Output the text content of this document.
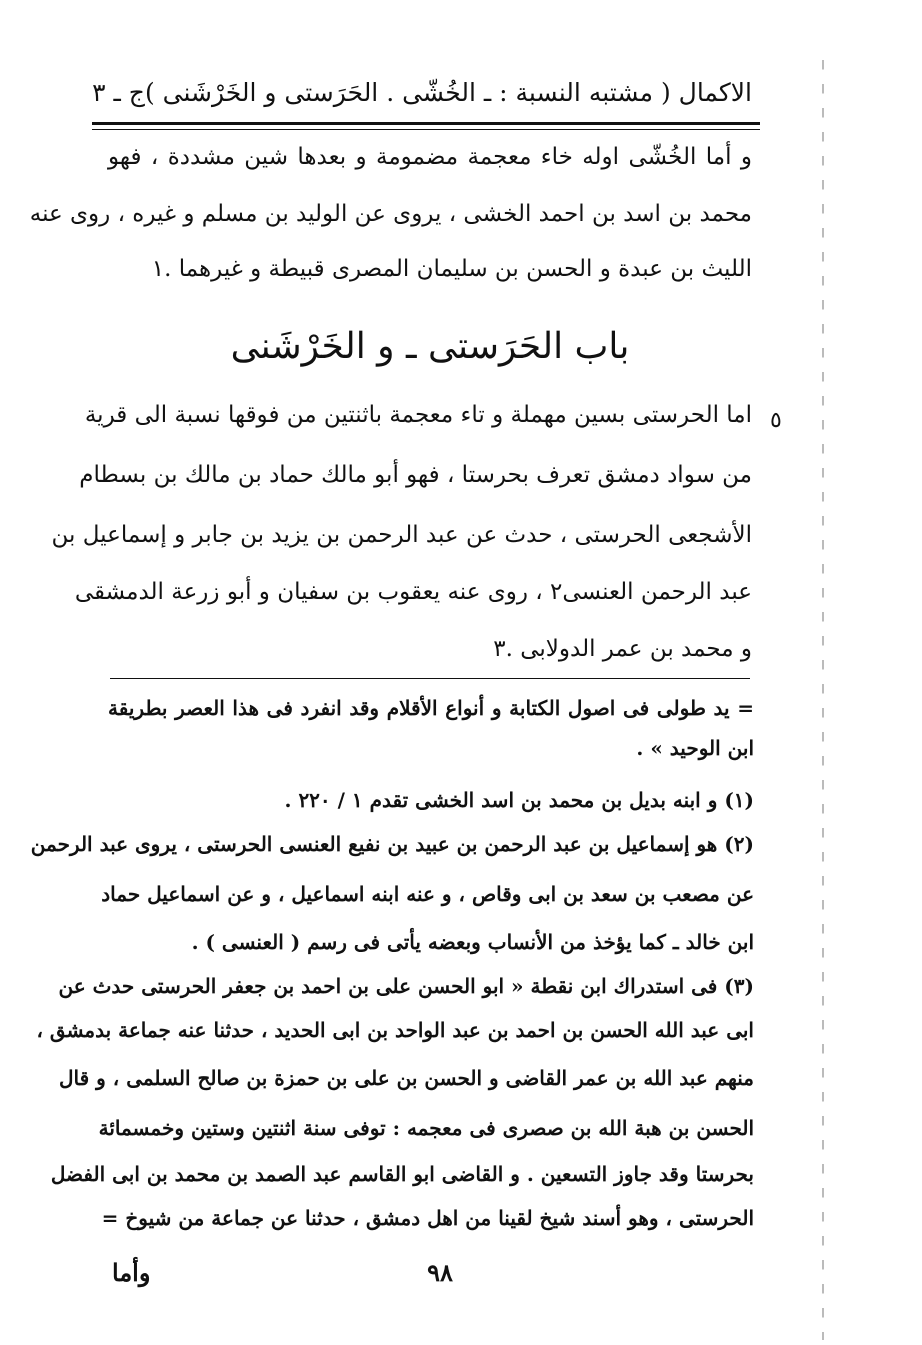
الاكمال ( مشتبه النسبة : ـ الخُشّى . الحَرَستى و الخَرْشَنى )
ج ـ ٣
و أما الخُشّى اوله خاء معجمة مضمومة و بعدها شين مشددة ، فهو
محمد بن اسد بن احمد الخشى ، يروى عن الوليد بن مسلم و غيره ، روى عنه
الليث بن عبدة و الحسن بن سليمان المصرى قبيطة و غيرهما .١
باب الحَرَستى ـ و الخَرْشَنى
٥
اما الحرستى بسين مهملة و تاء معجمة باثنتين من فوقها نسبة الى قرية
من سواد دمشق تعرف بحرستا ، فهو أبو مالك حماد بن مالك بن بسطام
الأشجعى الحرستى ، حدث عن عبد الرحمن بن يزيد بن جابر و إسماعيل بن
عبد الرحمن العنسى٢ ، روى عنه يعقوب بن سفيان و أبو زرعة الدمشقى
و محمد بن عمر الدولابى .٣
= يد طولى فى اصول الكتابة و أنواع الأقلام وقد انفرد فى هذا العصر بطريقة
ابن الوحيد » .
(١) و ابنه بديل بن محمد بن اسد الخشى تقدم ١ / ٢٢٠ .
(٢) هو إسماعيل بن عبد الرحمن بن عبيد بن نفيع العنسى الحرستى ، يروى عبد الرحمن
عن مصعب بن سعد بن ابى وقاص ، و عنه ابنه اسماعيل ، و عن اسماعيل حماد
ابن خالد ـ كما يؤخذ من الأنساب وبعضه يأتى فى رسم ( العنسى ) .
(٣) فى استدراك ابن نقطة « ابو الحسن على بن احمد بن جعفر الحرستى حدث عن
ابى عبد الله الحسن بن احمد بن عبد الواحد بن ابى الحديد ، حدثنا عنه جماعة بدمشق ،
منهم عبد الله بن عمر القاضى و الحسن بن على بن حمزة بن صالح السلمى ، و قال
الحسن بن هبة الله بن صصرى فى معجمه : توفى سنة اثنتين وستين وخمسمائة
بحرستا وقد جاوز التسعين . و القاضى ابو القاسم عبد الصمد بن محمد بن ابى الفضل
الحرستى ، وهو أسند شيخ لقينا من اهل دمشق ، حدثنا عن جماعة من شيوخ =
٩٨
وأما
